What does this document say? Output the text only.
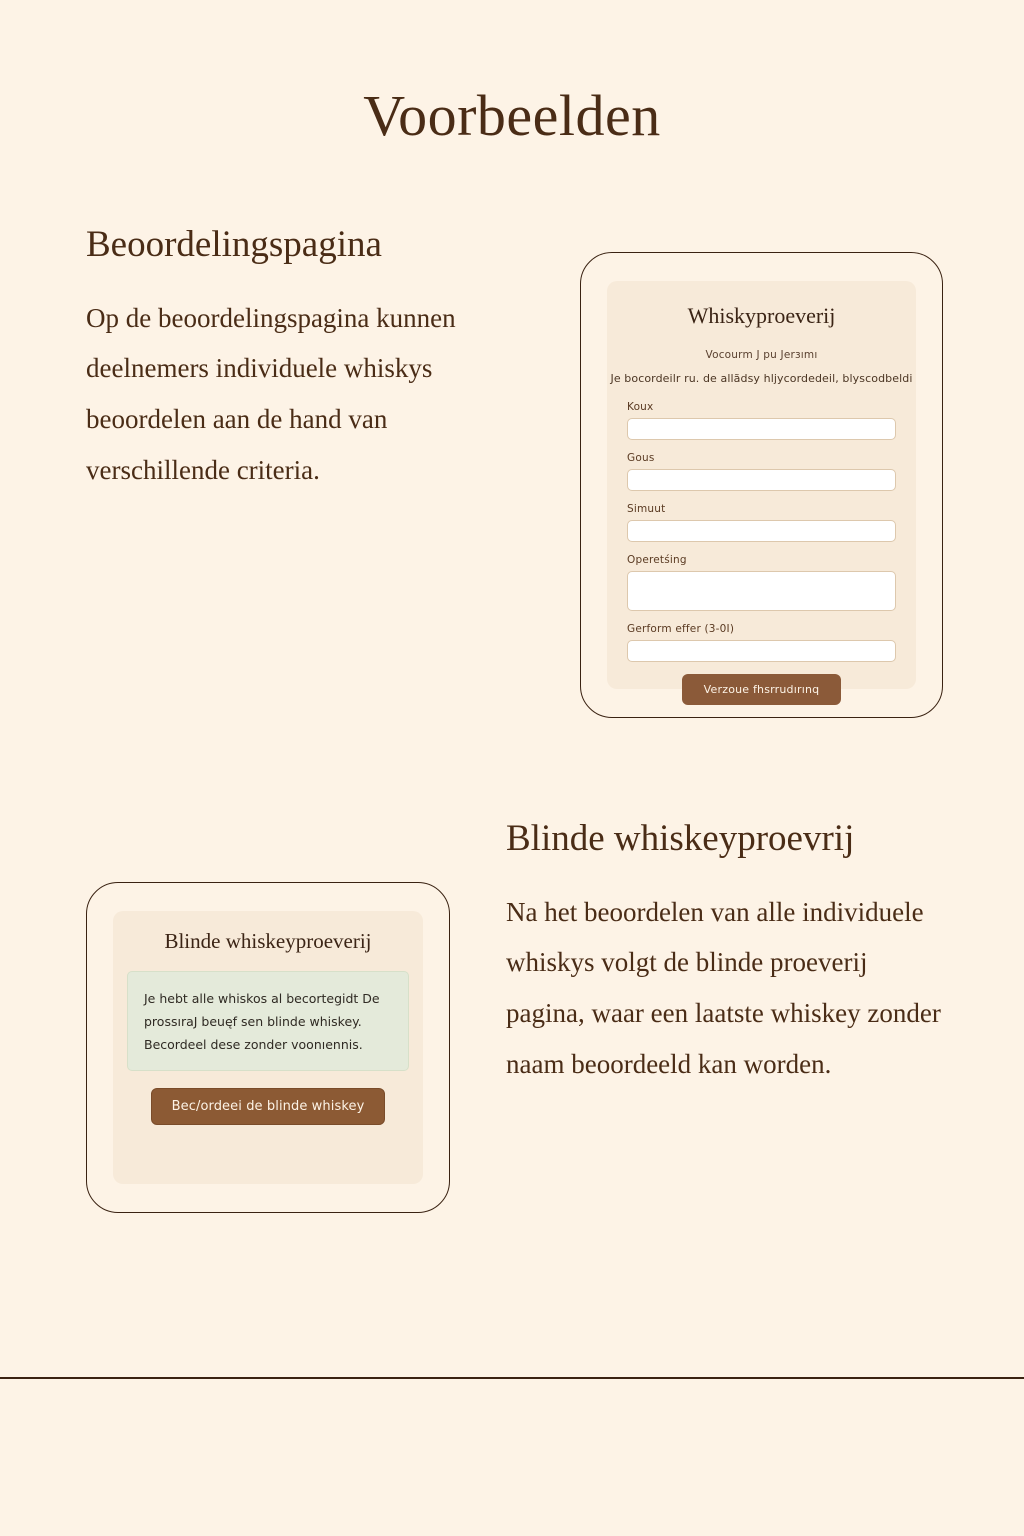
Voorbeelden
Beoordelingspagina

Op de beoordelingspagina kunnen deelnemers individuele whiskys beoordelen aan de hand van verschillende criteria.

Whiskyproeverij
Vocourm J pu Jerзımı
Je bocordeilr ru. de allãdsy hljycordedeil, blyscodbeldi
Koux
Gous
Simuut
Operetśing
Gerform effer (3-0I)
Verzoue fhsrrudırınq
Blinde whiskeyproevrij

Na het beoordelen van alle individuele whiskys volgt de blinde proeverij pagina, waar een laatste whiskey zonder naam beoordeeld kan worden.

Blinde whiskeyproeverij

Je hebt alle whiskos al becortegidt De prossıraJ beuęf sen blinde whiskey. Becordeel dese zonder voonıennis.

Bec/ordeei de blinde whiskey
